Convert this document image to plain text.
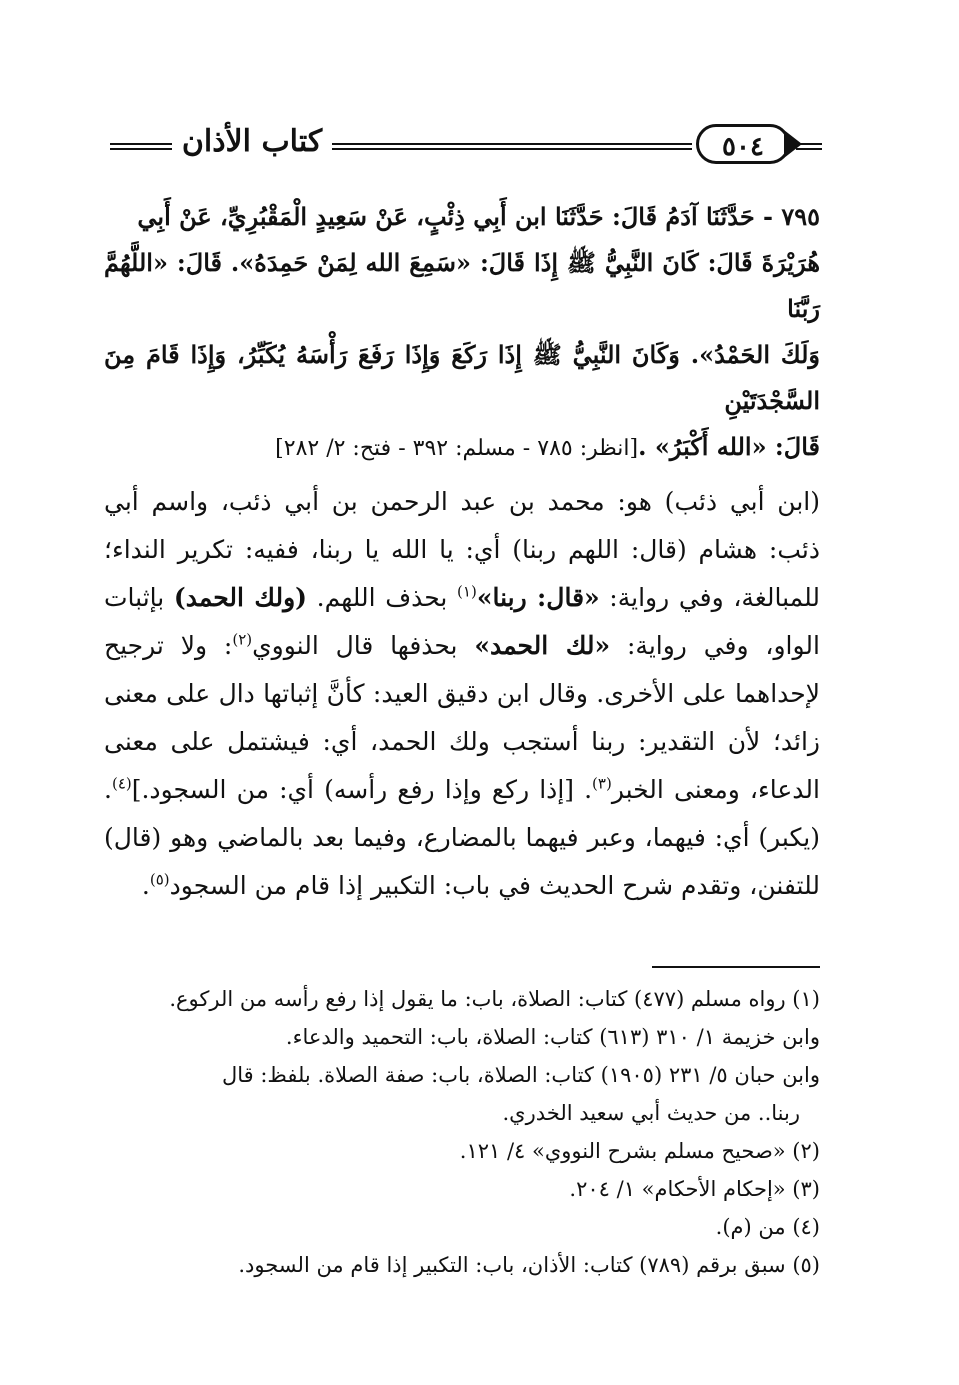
كتاب الأذان	٥٠٤

٧٩٥ - حَدَّثَنَا آدَمُ قَالَ: حَدَّثَنَا ابن أَبِي ذِئْبٍ، عَنْ سَعِيدٍ الْمَقْبُرِيِّ، عَنْ أَبِي

هُرَيْرَةَ قَالَ: كَانَ النَّبِيُّ ﷺ إِذَا قَالَ: «سَمِعَ الله لِمَنْ حَمِدَهُ». قَالَ: «اللَّهُمَّ رَبَّنَا

وَلَكَ الحَمْدُ». وَكَانَ النَّبِيُّ ﷺ إِذَا رَكَعَ وَإِذَا رَفَعَ رَأْسَهُ يُكَبِّرُ، وَإِذَا قَامَ مِنَ السَّجْدَتَيْنِ

قَالَ: «الله أَكْبَرُ» .[انظر: ٧٨٥ - مسلم: ٣٩٢ - فتح: ٢/ ٢٨٢]

(ابن أبي ذئب) هو: محمد بن عبد الرحمن بن أبي ذئب، واسم أبي ذئب: هشام (قال: اللهم ربنا) أي: يا الله يا ربنا، ففيه: تكرير النداء؛ للمبالغة، وفي رواية: «قال: ربنا»$^{(١)}$ بحذف اللهم. (ولك الحمد) بإثبات الواو، وفي رواية: «لك الحمد» بحذفها قال النووي$^{(٢)}$: ولا ترجيح لإحداهما على الأخرى. وقال ابن دقيق العيد: كأنَّ إثباتها دال على معنى زائد؛ لأن التقدير: ربنا أستجب ولك الحمد، أي: فيشتمل على معنى الدعاء، ومعنى الخبر$^{(٣)}$. [إذا ركع وإذا رفع رأسه) أي: من السجود.]$^{(٤)}$. (يكبر) أي: فيهما، وعبر فيهما بالمضارع، وفيما بعد بالماضي وهو (قال) للتفنن، وتقدم شرح الحديث في باب: التكبير إذا قام من السجود$^{(٥)}$.

(١) رواه مسلم (٤٧٧) كتاب: الصلاة، باب: ما يقول إذا رفع رأسه من الركوع.
وابن خزيمة ١/ ٣١٠ (٦١٣) كتاب: الصلاة، باب: التحميد والدعاء.
وابن حبان ٥/ ٢٣١ (١٩٠٥) كتاب: الصلاة، باب: صفة الصلاة. بلفظ: قال
ربنا.. من حديث أبي سعيد الخدري.
(٢) «صحيح مسلم بشرح النووي» ٤/ ١٢١.
(٣) «إحكام الأحكام» ١/ ٢٠٤.
(٤) من (م).
(٥) سبق برقم (٧٨٩) كتاب: الأذان، باب: التكبير إذا قام من السجود.
